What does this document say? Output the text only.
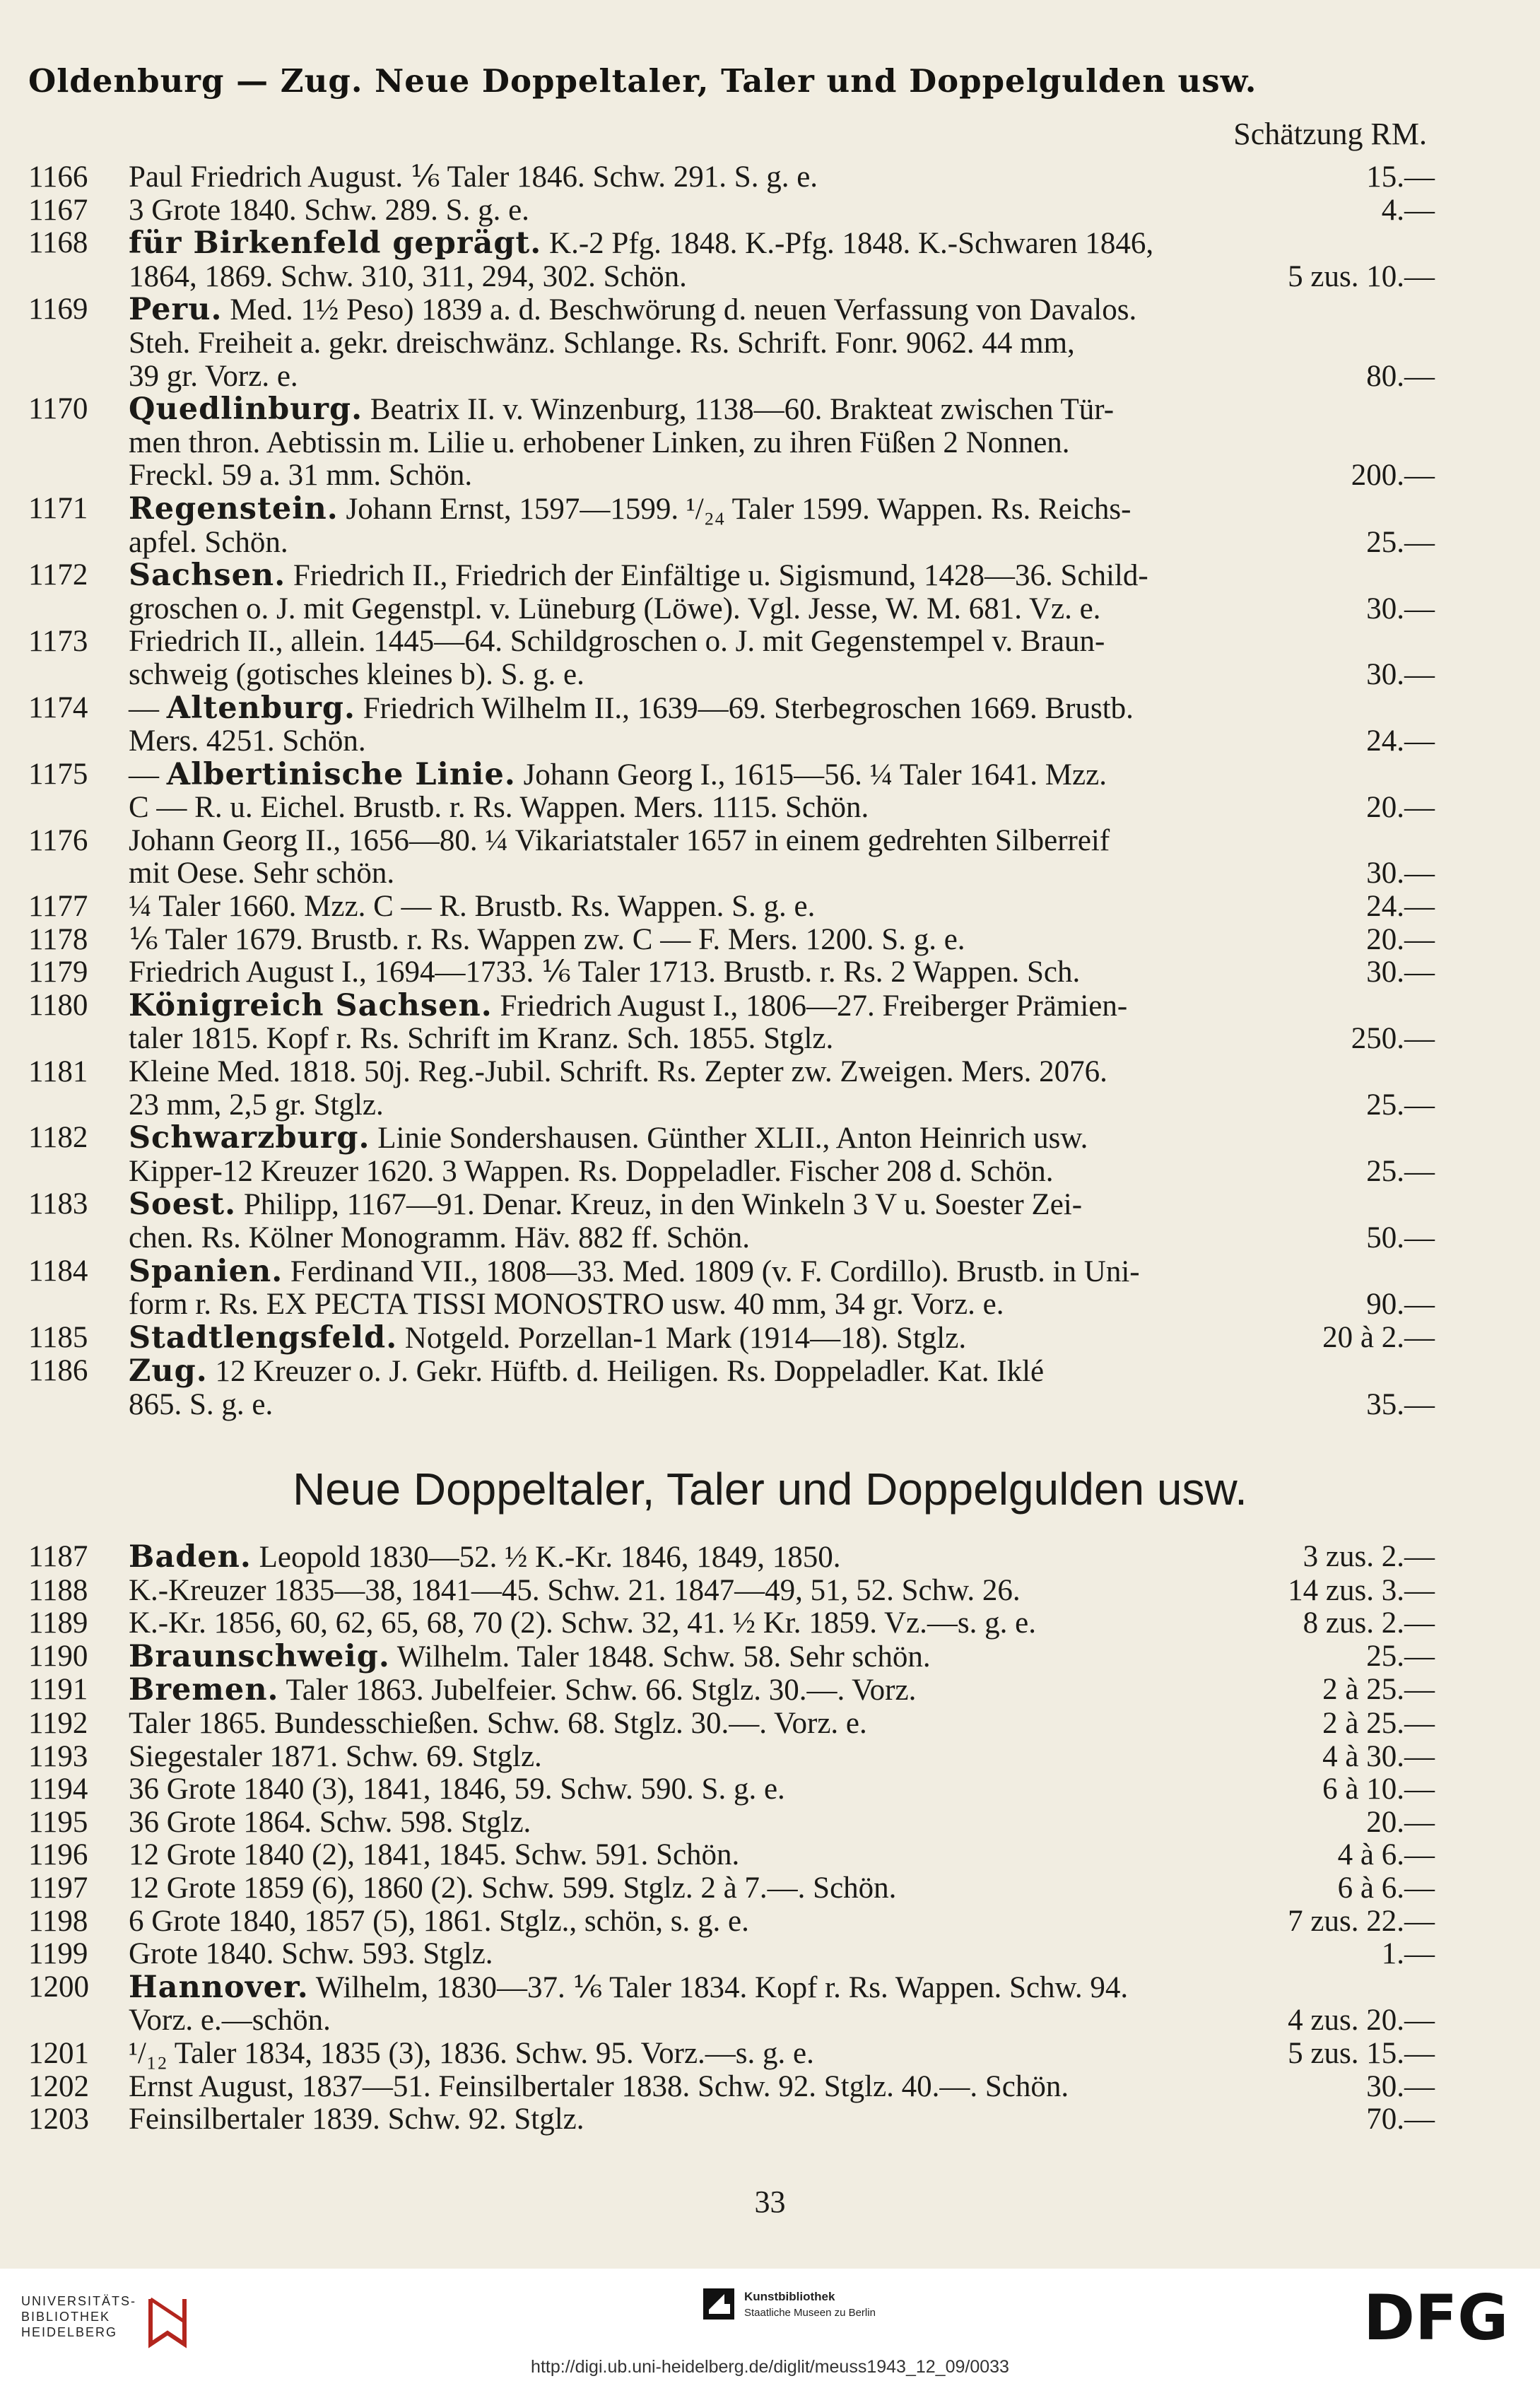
Oldenburg — Zug. Neue Doppeltaler, Taler und Doppelgulden usw.
Schätzung RM.
1166	Paul Friedrich August. ⅙ Taler 1846. Schw. 291. S. g. e.	15.—
1167	3 Grote 1840. Schw. 289. S. g. e.	4.—
1168	für Birkenfeld geprägt. K.-2 Pfg. 1848. K.-Pfg. 1848. K.-Schwaren 1846,
1864, 1869. Schw. 310, 311, 294, 302. Schön.	5 zus. 10.—
1169	Peru. Med. 1½ Peso) 1839 a. d. Beschwörung d. neuen Verfassung von Davalos.
Steh. Freiheit a. gekr. dreischwänz. Schlange. Rs. Schrift. Fonr. 9062. 44 mm,
39 gr. Vorz. e.	80.—
1170	Quedlinburg. Beatrix II. v. Winzenburg, 1138—60. Brakteat zwischen Tür-
men thron. Aebtissin m. Lilie u. erhobener Linken, zu ihren Füßen 2 Nonnen.
Freckl. 59 a. 31 mm. Schön.	200.—
1171	Regenstein. Johann Ernst, 1597—1599. ¹/₂₄ Taler 1599. Wappen. Rs. Reichs-
apfel. Schön.	25.—
1172	Sachsen. Friedrich II., Friedrich der Einfältige u. Sigismund, 1428—36. Schild-
groschen o. J. mit Gegenstpl. v. Lüneburg (Löwe). Vgl. Jesse, W. M. 681. Vz. e.	30.—
1173	Friedrich II., allein. 1445—64. Schildgroschen o. J. mit Gegenstempel v. Braun-
schweig (gotisches kleines b). S. g. e.	30.—
1174	— Altenburg. Friedrich Wilhelm II., 1639—69. Sterbegroschen 1669. Brustb.
Mers. 4251. Schön.	24.—
1175	— Albertinische Linie. Johann Georg I., 1615—56. ¼ Taler 1641. Mzz.
C — R. u. Eichel. Brustb. r. Rs. Wappen. Mers. 1115. Schön.	20.—
1176	Johann Georg II., 1656—80. ¼ Vikariatstaler 1657 in einem gedrehten Silberreif
mit Oese. Sehr schön.	30.—
1177	¼ Taler 1660. Mzz. C — R. Brustb. Rs. Wappen. S. g. e.	24.—
1178	⅙ Taler 1679. Brustb. r. Rs. Wappen zw. C — F. Mers. 1200. S. g. e.	20.—
1179	Friedrich August I., 1694—1733. ⅙ Taler 1713. Brustb. r. Rs. 2 Wappen. Sch.	30.—
1180	Königreich Sachsen. Friedrich August I., 1806—27. Freiberger Prämien-
taler 1815. Kopf r. Rs. Schrift im Kranz. Sch. 1855. Stglz.	250.—
1181	Kleine Med. 1818. 50j. Reg.-Jubil. Schrift. Rs. Zepter zw. Zweigen. Mers. 2076.
23 mm, 2,5 gr. Stglz.	25.—
1182	Schwarzburg. Linie Sondershausen. Günther XLII., Anton Heinrich usw.
Kipper-12 Kreuzer 1620. 3 Wappen. Rs. Doppeladler. Fischer 208 d. Schön.	25.—
1183	Soest. Philipp, 1167—91. Denar. Kreuz, in den Winkeln 3 V u. Soester Zei-
chen. Rs. Kölner Monogramm. Häv. 882 ff. Schön.	50.—
1184	Spanien. Ferdinand VII., 1808—33. Med. 1809 (v. F. Cordillo). Brustb. in Uni-
form r. Rs. EX PECTA TISSI MONOSTRO usw. 40 mm, 34 gr. Vorz. e.	90.—
1185	Stadtlengsfeld. Notgeld. Porzellan-1 Mark (1914—18). Stglz.	20 à 2.—
1186	Zug. 12 Kreuzer o. J. Gekr. Hüftb. d. Heiligen. Rs. Doppeladler. Kat. Iklé
865. S. g. e.	35.—
Neue Doppeltaler, Taler und Doppelgulden usw.
1187	Baden. Leopold 1830—52. ½ K.-Kr. 1846, 1849, 1850.	3 zus. 2.—
1188	K.-Kreuzer 1835—38, 1841—45. Schw. 21. 1847—49, 51, 52. Schw. 26.	14 zus. 3.—
1189	K.-Kr. 1856, 60, 62, 65, 68, 70 (2). Schw. 32, 41. ½ Kr. 1859. Vz.—s. g. e.	8 zus. 2.—
1190	Braunschweig. Wilhelm. Taler 1848. Schw. 58. Sehr schön.	25.—
1191	Bremen. Taler 1863. Jubelfeier. Schw. 66. Stglz. 30.—. Vorz.	2 à 25.—
1192	Taler 1865. Bundesschießen. Schw. 68. Stglz. 30.—. Vorz. e.	2 à 25.—
1193	Siegestaler 1871. Schw. 69. Stglz.	4 à 30.—
1194	36 Grote 1840 (3), 1841, 1846, 59. Schw. 590. S. g. e.	6 à 10.—
1195	36 Grote 1864. Schw. 598. Stglz.	20.—
1196	12 Grote 1840 (2), 1841, 1845. Schw. 591. Schön.	4 à 6.—
1197	12 Grote 1859 (6), 1860 (2). Schw. 599. Stglz. 2 à 7.—. Schön.	6 à 6.—
1198	6 Grote 1840, 1857 (5), 1861. Stglz., schön, s. g. e.	7 zus. 22.—
1199	Grote 1840. Schw. 593. Stglz.	1.—
1200	Hannover. Wilhelm, 1830—37. ⅙ Taler 1834. Kopf r. Rs. Wappen. Schw. 94.
Vorz. e.—schön.	4 zus. 20.—
1201	¹/₁₂ Taler 1834, 1835 (3), 1836. Schw. 95. Vorz.—s. g. e.	5 zus. 15.—
1202	Ernst August, 1837—51. Feinsilbertaler 1838. Schw. 92. Stglz. 40.—. Schön.	30.—
1203	Feinsilbertaler 1839. Schw. 92. Stglz.	70.—
33
UNIVERSITÄTS-
BIBLIOTHEK
HEIDELBERG
Kunstbibliothek
Staatliche Museen zu Berlin	DFG
http://digi.ub.uni-heidelberg.de/diglit/meuss1943_12_09/0033
